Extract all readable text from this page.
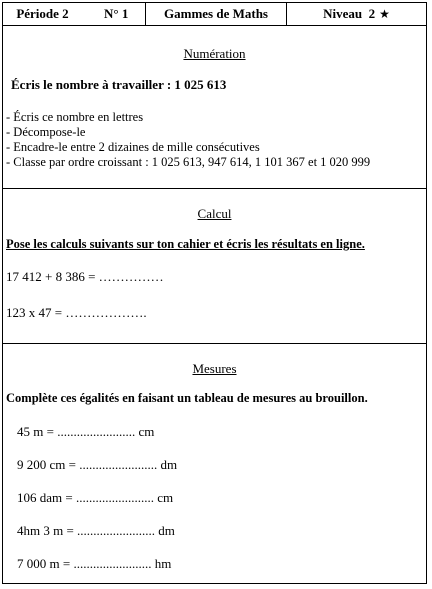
Période 2	N° 1	Gammes de Maths	Niveau  2 ★
Numération
Écris le nombre à travailler : 1 025 613
- Écris ce nombre en lettres
- Décompose-le
- Encadre-le entre 2 dizaines de mille consécutives
- Classe par ordre croissant : 1 025 613, 947 614, 1 101 367 et 1 020 999
Calcul
Pose les calculs suivants sur ton cahier et écris les résultats en ligne.
17 412 + 8 386 = ……………
123 x 47 = ……………….
Mesures
Complète ces égalités en faisant un tableau de mesures au brouillon.
45 m = ........................ cm
9 200 cm = ........................ dm
106 dam = ........................ cm
4hm 3 m = ........................ dm
7 000 m = ........................ hm
